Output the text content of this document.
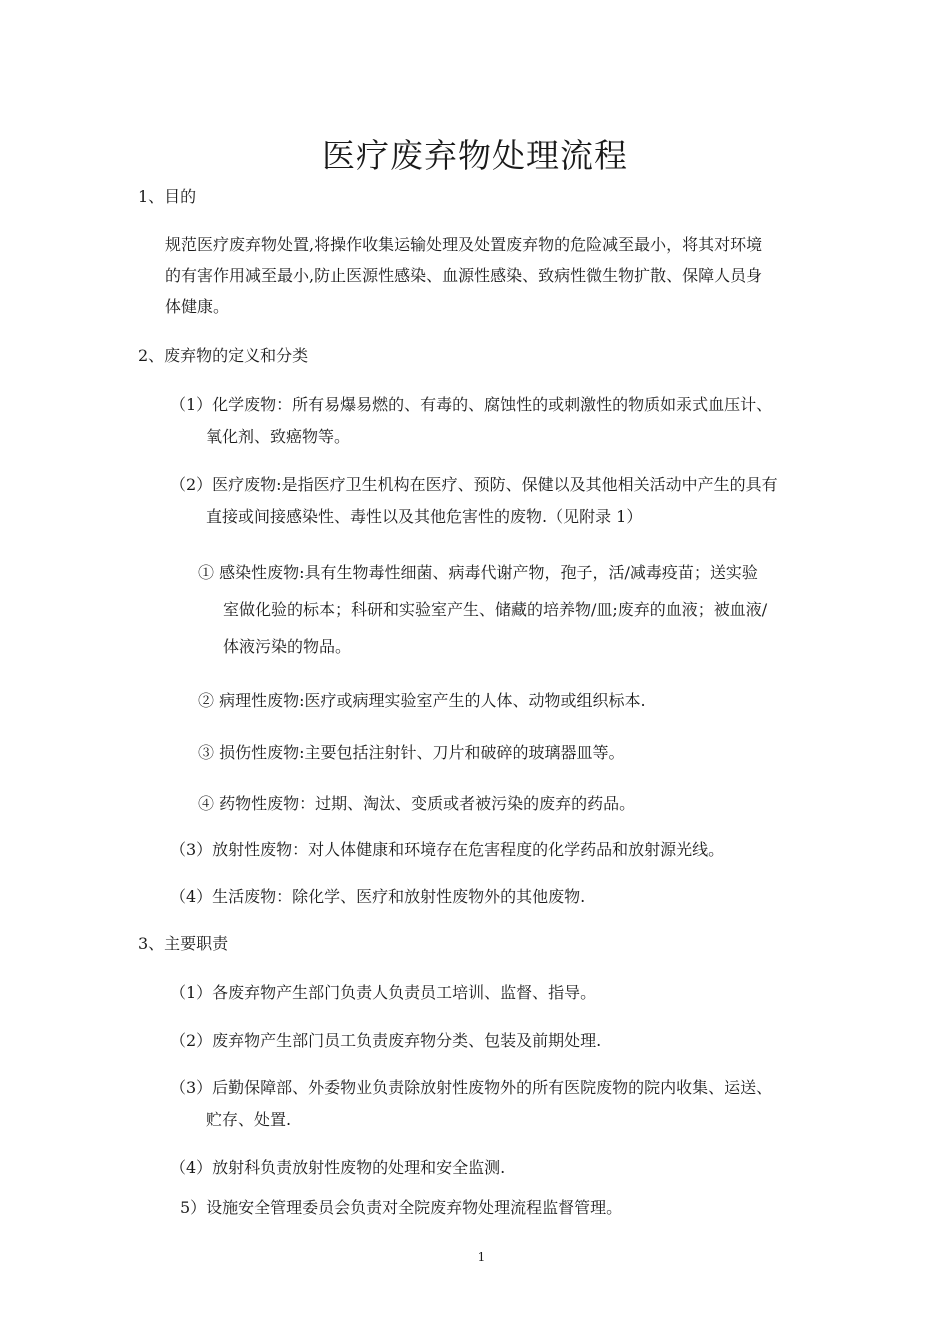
医疗废弃物处理流程
1、目的
规范医疗废弃物处置,将操作收集运输处理及处置废弃物的危险减至最小，将其对环境
的有害作用减至最小,防止医源性感染、血源性感染、致病性微生物扩散、保障人员身
体健康。
2、废弃物的定义和分类
（1）化学废物：所有易爆易燃的、有毒的、腐蚀性的或刺激性的物质如汞式血压计、
氧化剂、致癌物等。
（2）医疗废物:是指医疗卫生机构在医疗、预防、保健以及其他相关活动中产生的具有
直接或间接感染性、毒性以及其他危害性的废物.（见附录 1）
① 感染性废物:具有生物毒性细菌、病毒代谢产物，孢子，活/减毒疫苗；送实验
室做化验的标本；科研和实验室产生、储藏的培养物/皿;废弃的血液；被血液/
体液污染的物品。
② 病理性废物:医疗或病理实验室产生的人体、动物或组织标本.
③ 损伤性废物:主要包括注射针、刀片和破碎的玻璃器皿等。
④ 药物性废物：过期、淘汰、变质或者被污染的废弃的药品。
（3）放射性废物：对人体健康和环境存在危害程度的化学药品和放射源光线。
（4）生活废物：除化学、医疗和放射性废物外的其他废物.
3、主要职责
（1）各废弃物产生部门负责人负责员工培训、监督、指导。
（2）废弃物产生部门员工负责废弃物分类、包装及前期处理.
（3）后勤保障部、外委物业负责除放射性废物外的所有医院废物的院内收集、运送、
贮存、处置.
（4）放射科负责放射性废物的处理和安全监测.
5）设施安全管理委员会负责对全院废弃物处理流程监督管理。
1
